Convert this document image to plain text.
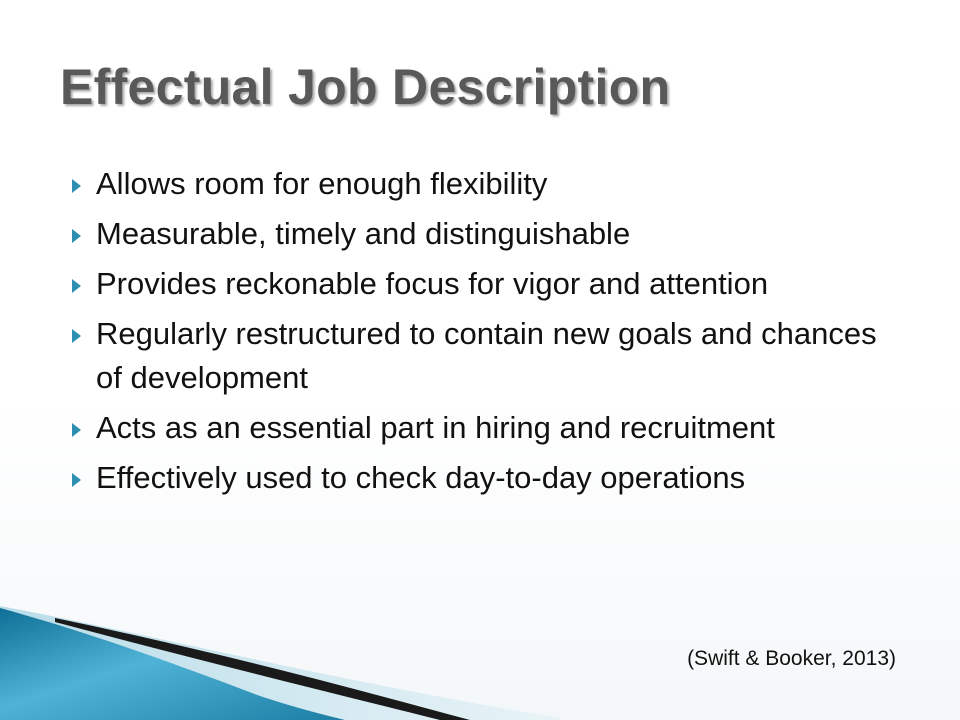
Effectual Job Description
Allows room for enough flexibility
Measurable, timely and distinguishable
Provides reckonable focus for vigor and attention
Regularly restructured to contain new goals and chances of development
Acts as an essential part in hiring and recruitment
Effectively used to check day-to-day operations
(Swift & Booker, 2013)
